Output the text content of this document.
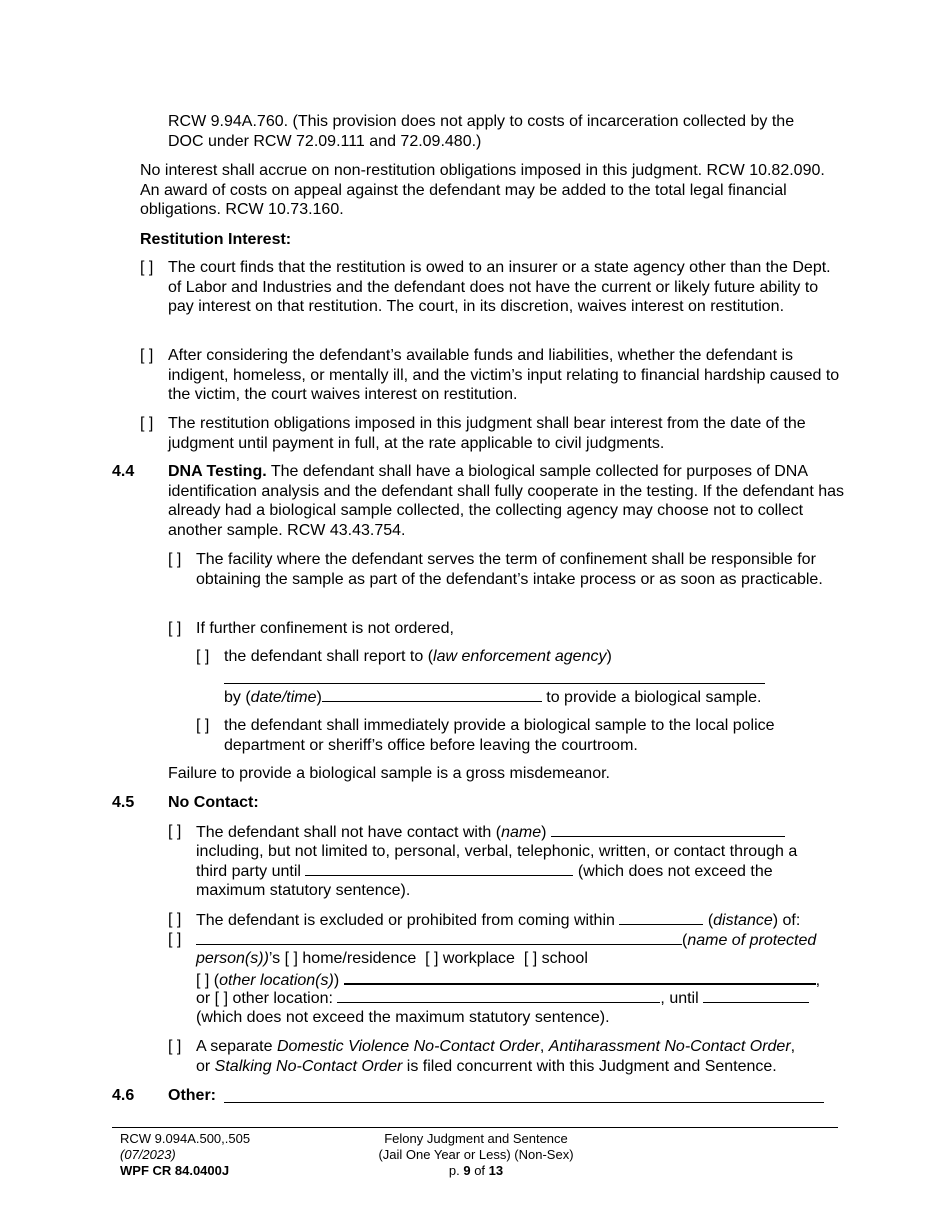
RCW 9.94A.760. (This provision does not apply to costs of incarceration collected by the
DOC under RCW 72.09.111 and 72.09.480.)
No interest shall accrue on non-restitution obligations imposed in this judgment. RCW 10.82.090. An award of costs on appeal against the defendant may be added to the total legal financial obligations. RCW 10.73.160.
Restitution Interest:
[ ] The court finds that the restitution is owed to an insurer or a state agency other than the Dept. of Labor and Industries and the defendant does not have the current or likely future ability to pay interest on that restitution. The court, in its discretion, waives interest on restitution.
[ ] After considering the defendant’s available funds and liabilities, whether the defendant is indigent, homeless, or mentally ill, and the victim’s input relating to financial hardship caused to the victim, the court waives interest on restitution.
[ ] The restitution obligations imposed in this judgment shall bear interest from the date of the judgment until payment in full, at the rate applicable to civil judgments.
4.4 DNA Testing. The defendant shall have a biological sample collected for purposes of DNA identification analysis and the defendant shall fully cooperate in the testing. If the defendant has already had a biological sample collected, the collecting agency may choose not to collect another sample. RCW 43.43.754.
[ ] The facility where the defendant serves the term of confinement shall be responsible for obtaining the sample as part of the defendant’s intake process or as soon as practicable.
[ ] If further confinement is not ordered,
[ ] the defendant shall report to (law enforcement agency)
by (date/time)	to provide a biological sample.
[ ] the defendant shall immediately provide a biological sample to the local police department or sheriff’s office before leaving the courtroom.
Failure to provide a biological sample is a gross misdemeanor.
4.5 No Contact:
[ ] The defendant shall not have contact with (name)
including, but not limited to, personal, verbal, telephonic, written, or contact through a
third party until	(which does not exceed the
maximum statutory sentence).
[ ] The defendant is excluded or prohibited from coming within	(distance) of:
[ ]	(name of protected
person(s))’s [ ] home/residence  [ ] workplace  [ ] school
[ ] (other location(s))	,
or [ ] other location:	, until
(which does not exceed the maximum statutory sentence).
[ ] A separate Domestic Violence No-Contact Order, Antiharassment No-Contact Order,
or Stalking No-Contact Order is filed concurrent with this Judgment and Sentence.
4.6 Other:
RCW 9.094A.500,.505
(07/2023)
WPF CR 84.0400J
Felony Judgment and Sentence
(Jail One Year or Less) (Non-Sex)
p. 9 of 13
